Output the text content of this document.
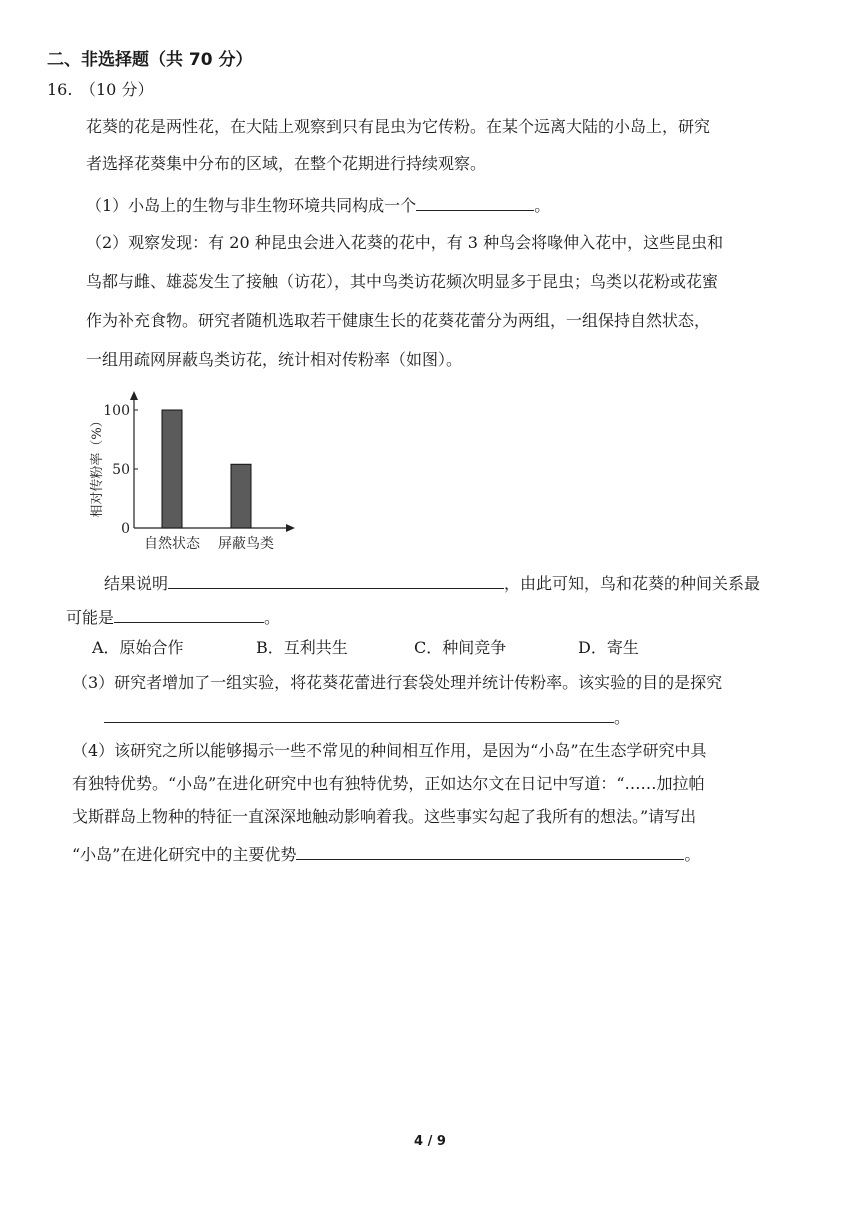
二、非选择题（共 70 分）
16. （10 分）
花葵的花是两性花，在大陆上观察到只有昆虫为它传粉。在某个远离大陆的小岛上，研究
者选择花葵集中分布的区域，在整个花期进行持续观察。
（1）小岛上的生物与非生物环境共同构成一个	。
（2）观察发现：有 20 种昆虫会进入花葵的花中，有 3 种鸟会将喙伸入花中，这些昆虫和
鸟都与雌、雄蕊发生了接触（访花），其中鸟类访花频次明显多于昆虫；鸟类以花粉或花蜜
作为补充食物。研究者随机选取若干健康生长的花葵花蕾分为两组，一组保持自然状态，
一组用疏网屏蔽鸟类访花，统计相对传粉率（如图）。
相对传粉率（%）
0
50
100
自然状态 屏蔽鸟类
结果说明	，由此可知，鸟和花葵的种间关系最
可能是	。
A．原始合作	B．互利共生	C．种间竞争	D．寄生
（3）研究者增加了一组实验，将花葵花蕾进行套袋处理并统计传粉率。该实验的目的是探究
。
（4）该研究之所以能够揭示一些不常见的种间相互作用，是因为“小岛”在生态学研究中具
有独特优势。“小岛”在进化研究中也有独特优势，正如达尔文在日记中写道：“……加拉帕
戈斯群岛上物种的特征一直深深地触动影响着我。这些事实勾起了我所有的想法。”请写出
“小岛”在进化研究中的主要优势	。
4 / 9
